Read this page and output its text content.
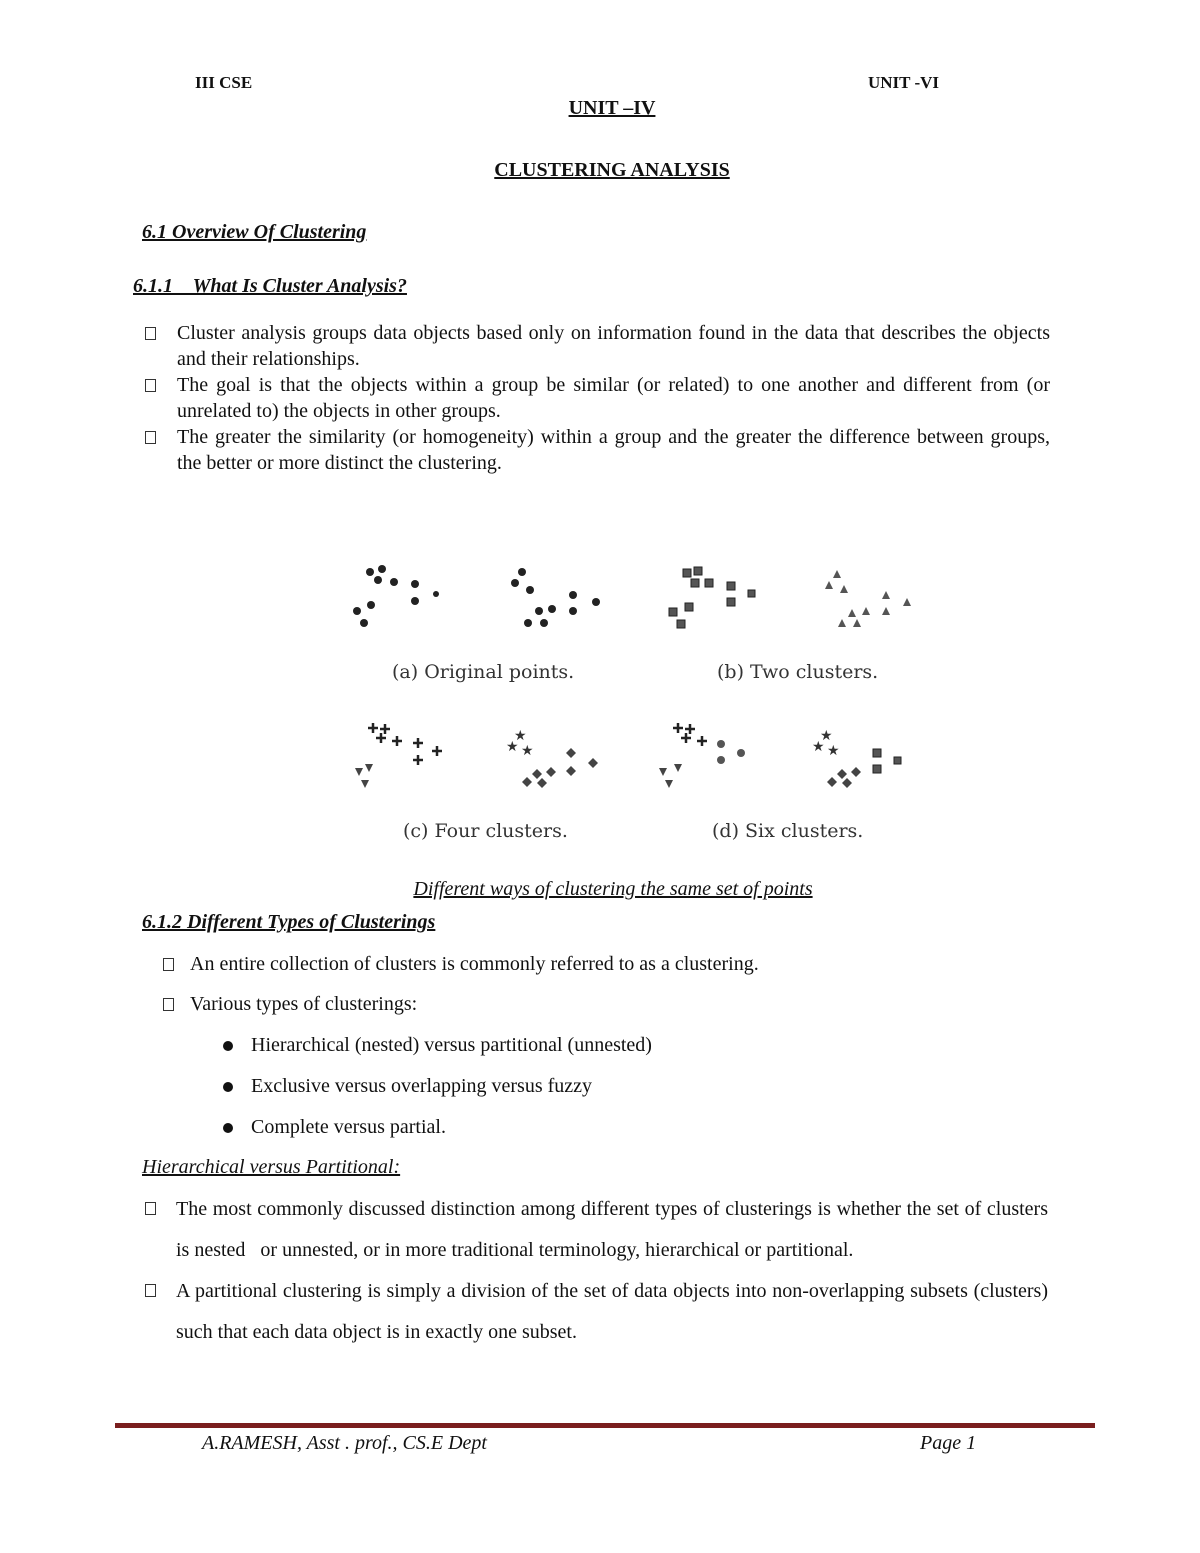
III CSE	UNIT -VI
UNIT –IV
CLUSTERING ANALYSIS
6.1 Overview Of Clustering
6.1.1    What Is Cluster Analysis?
Cluster analysis groups data objects based only on information found in the data that describes the objects and their relationships.
The goal is that the objects within a group be similar (or related) to one another and different from (or unrelated to) the objects in other groups.
The greater the similarity (or homogeneity) within a group and the greater the difference between groups, the better or more distinct the clustering.
★
★ ★
★
★ ★
(a) Original points.	(b) Two clusters.
(c) Four clusters.	(d) Six clusters.
Different ways of clustering the same set of points
6.1.2 Different Types of Clusterings
An entire collection of clusters is commonly referred to as a clustering.
Various types of clusterings:
Hierarchical (nested) versus partitional (unnested)
Exclusive versus overlapping versus fuzzy
Complete versus partial.
Hierarchical versus Partitional:
The most commonly discussed distinction among different types of clusterings is whether the set of clusters is nested   or unnested, or in more traditional terminology, hierarchical or partitional.
A partitional clustering is simply a division of the set of data objects into non-overlapping subsets (clusters) such that each data object is in exactly one subset.
A.RAMESH, Asst . prof., CS.E Dept	Page 1
